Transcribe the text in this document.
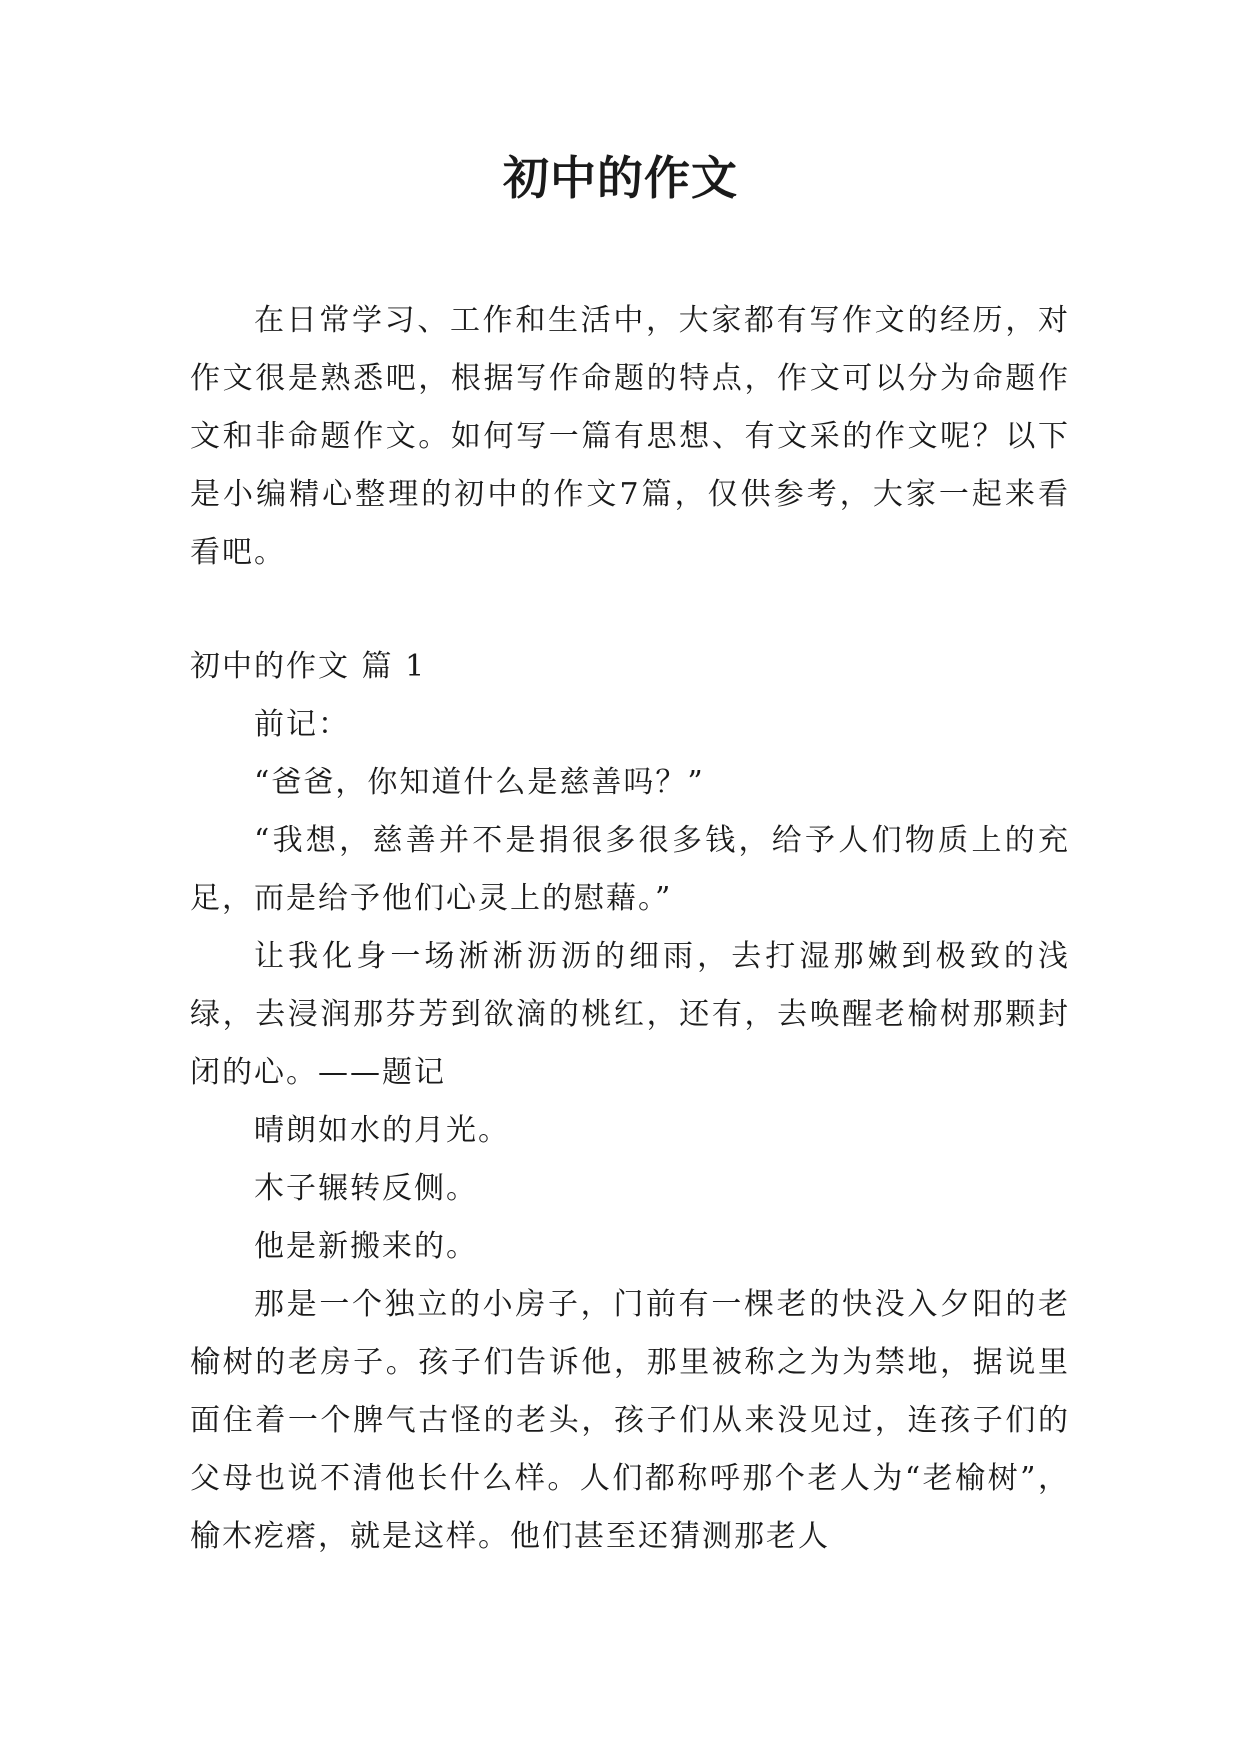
初中的作文

在日常学习、工作和生活中，大家都有写作文的经历，对作文很是熟悉吧，根据写作命题的特点，作文可以分为命题作文和非命题作文。如何写一篇有思想、有文采的作文呢？以下是小编精心整理的初中的作文7篇，仅供参考，大家一起来看看吧。

初中的作文 篇 1

前记：

“爸爸，你知道什么是慈善吗？”

“我想，慈善并不是捐很多很多钱，给予人们物质上的充足，而是给予他们心灵上的慰藉。”

让我化身一场淅淅沥沥的细雨，去打湿那嫩到极致的浅绿，去浸润那芬芳到欲滴的桃红，还有，去唤醒老榆树那颗封闭的心。——题记

晴朗如水的月光。

木子辗转反侧。

他是新搬来的。

那是一个独立的小房子，门前有一棵老的快没入夕阳的老榆树的老房子。孩子们告诉他，那里被称之为为禁地，据说里面住着一个脾气古怪的老头，孩子们从来没见过，连孩子们的父母也说不清他长什么样。人们都称呼那个老人为“老榆树”，榆木疙瘩，就是这样。他们甚至还猜测那老人
